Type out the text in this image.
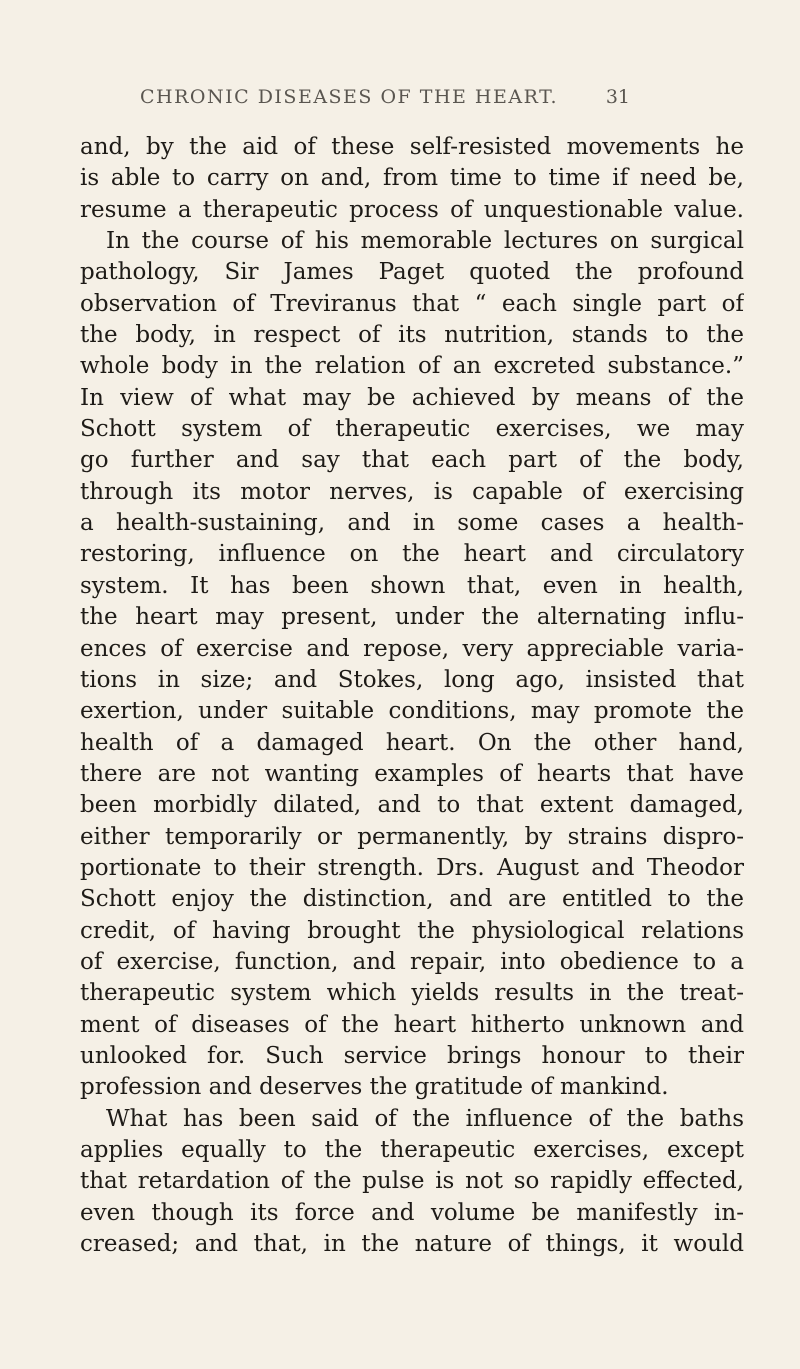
CHRONIC DISEASES OF THE HEART.	31
and, by the aid of these self-resisted movements he
is able to carry on and, from time to time if need be,
resume a therapeutic process of unquestionable value.
In the course of his memorable lectures on surgical
pathology, Sir James Paget quoted the profound
observation of Treviranus that “ each single part of
the body, in respect of its nutrition, stands to the
whole body in the relation of an excreted substance.”
In view of what may be achieved by means of the
Schott system of therapeutic exercises, we may
go further and say that each part of the body,
through its motor nerves, is capable of exercising
a health-sustaining, and in some cases a health-
restoring, influence on the heart and circulatory
system. It has been shown that, even in health,
the heart may present, under the alternating influ-
ences of exercise and repose, very appreciable varia-
tions in size; and Stokes, long ago, insisted that
exertion, under suitable conditions, may promote the
health of a damaged heart. On the other hand,
there are not wanting examples of hearts that have
been morbidly dilated, and to that extent damaged,
either temporarily or permanently, by strains dispro-
portionate to their strength. Drs. August and Theodor
Schott enjoy the distinction, and are entitled to the
credit, of having brought the physiological relations
of exercise, function, and repair, into obedience to a
therapeutic system which yields results in the treat-
ment of diseases of the heart hitherto unknown and
unlooked for. Such service brings honour to their
profession and deserves the gratitude of mankind.
What has been said of the influence of the baths
applies equally to the therapeutic exercises, except
that retardation of the pulse is not so rapidly effected,
even though its force and volume be manifestly in-
creased; and that, in the nature of things, it would
